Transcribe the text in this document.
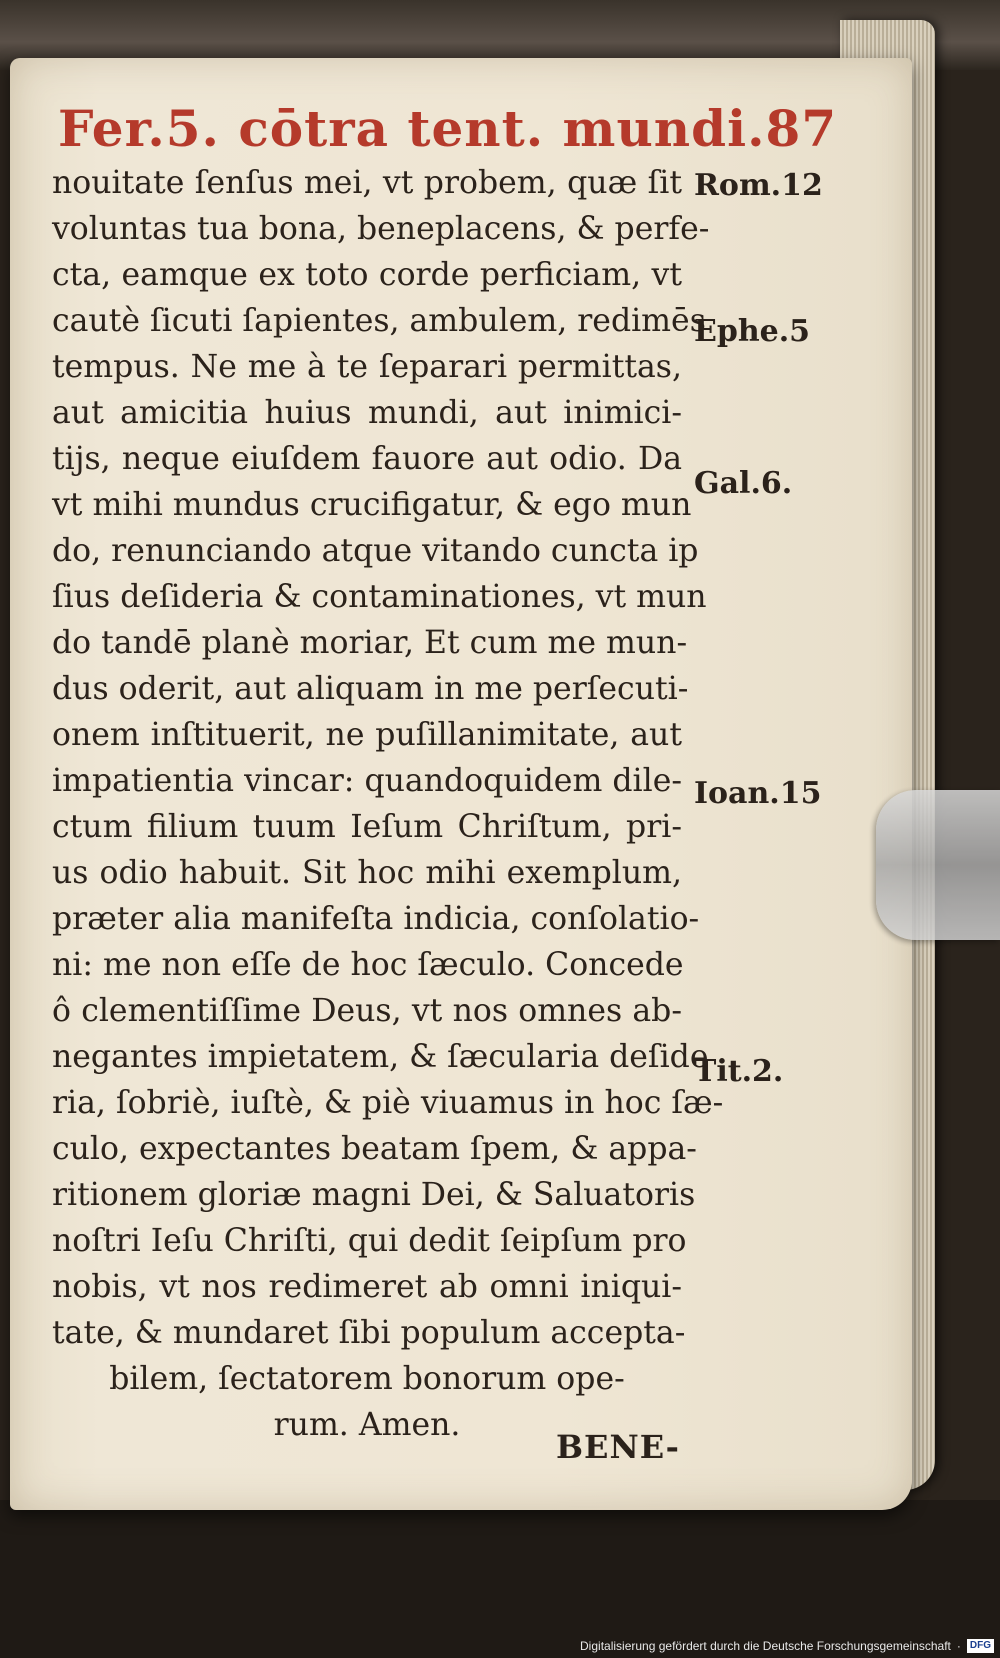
Fer.5. cōtra tent. mundi. 87
nouitate ſenſus mei, vt probem, quæ ſit
voluntas tua bona, beneplacens, & perfe-
cta, eamque ex toto corde perficiam, vt
cautè ſicuti ſapientes, ambulem, redimēs
tempus. Ne me à te ſeparari permittas,
aut amicitia huius mundi, aut inimici-
tijs, neque eiuſdem fauore aut odio. Da
vt mihi mundus crucifigatur, & ego mun
do, renunciando atque vitando cuncta ip
ſius deſideria & contaminationes, vt mun
do tandē planè moriar, Et cum me mun-
dus oderit, aut aliquam in me perſecuti-
onem inſtituerit, ne puſillanimitate, aut
impatientia vincar: quandoquidem dile-
ctum filium tuum Ieſum Chriſtum, pri-
us odio habuit. Sit hoc mihi exemplum,
præter alia manifeſta indicia, conſolatio-
ni: me non eſſe de hoc ſæculo. Concede
ô clementiſſime Deus, vt nos omnes ab-
negantes impietatem, & ſæcularia deſide
ria, ſobriè, iuſtè, & piè viuamus in hoc ſæ-
culo, expectantes beatam ſpem, & appa-
ritionem gloriæ magni Dei, & Saluatoris
noſtri Ieſu Chriſti, qui dedit ſeipſum pro
nobis, vt nos redimeret ab omni iniqui-
tate, & mundaret ſibi populum accepta-
bilem, ſectatorem bonorum ope-
rum. Amen.
BENE-
Rom.12
Ephe.5
Gal.6.
Ioan.15
Tit.2.
Digitalisierung gefördert durch die Deutsche Forschungsgemeinschaft · DFG
